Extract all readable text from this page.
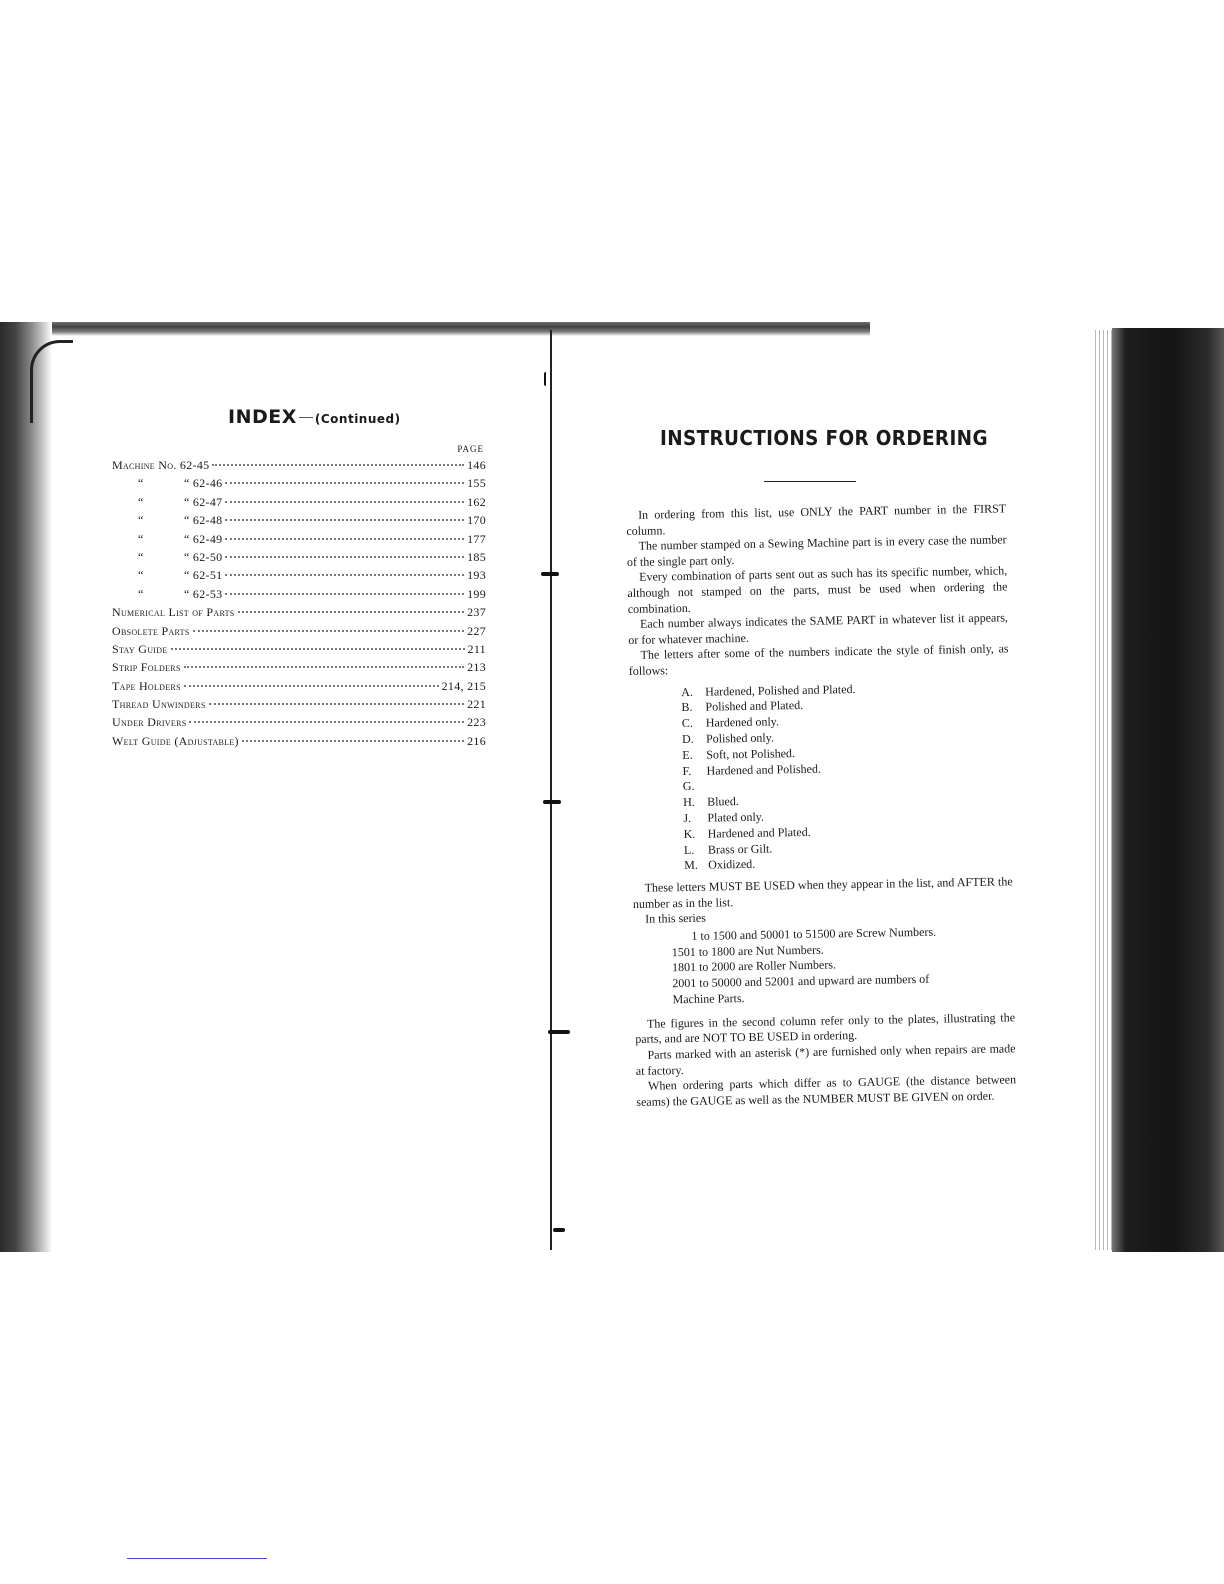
INDEX (Continued)
PAGE
Machine No. 62-45	146
“	“ 62-46	155
“	“ 62-47	162
“	“ 62-48	170
“	“ 62-49	177
“	“ 62-50	185
“	“ 62-51	193
“	“ 62-53	199
Numerical List of Parts	237
Obsolete Parts	227
Stay Guide	211
Strip Folders	213
Tape Holders	214, 215
Thread Unwinders	221
Under Drivers	223
Welt Guide (Adjustable)	216
INSTRUCTIONS FOR ORDERING

In ordering from this list, use ONLY the PART number in the FIRST column.

The number stamped on a Sewing Machine part is in every case the number of the single part only.

Every combination of parts sent out as such has its specific number, which, although not stamped on the parts, must be used when ordering the combination.

Each number always indicates the SAME PART in whatever list it appears, or for whatever machine.

The letters after some of the numbers indicate the style of finish only, as follows:

A.	Hardened, Polished and Plated.
B.	Polished and Plated.
C.	Hardened only.
D.	Polished only.
E.	Soft, not Polished.
F.	Hardened and Polished.
G.
H.	Blued.
J.	Plated only.
K.	Hardened and Plated.
L.	Brass or Gilt.
M. Oxidized.

These letters MUST BE USED when they appear in the list, and AFTER the number as in the list.

In this series

1 to 1500 and 50001 to 51500 are Screw Numbers.
1501 to 1800 are Nut Numbers.
1801 to 2000 are Roller Numbers.
2001 to 50000 and 52001 and upward are numbers of
Machine Parts.

The figures in the second column refer only to the plates, illustrating the parts, and are NOT TO BE USED in ordering.

Parts marked with an asterisk (*) are furnished only when repairs are made at factory.

When ordering parts which differ as to GAUGE (the distance between seams) the GAUGE as well as the NUMBER MUST BE GIVEN on order.
